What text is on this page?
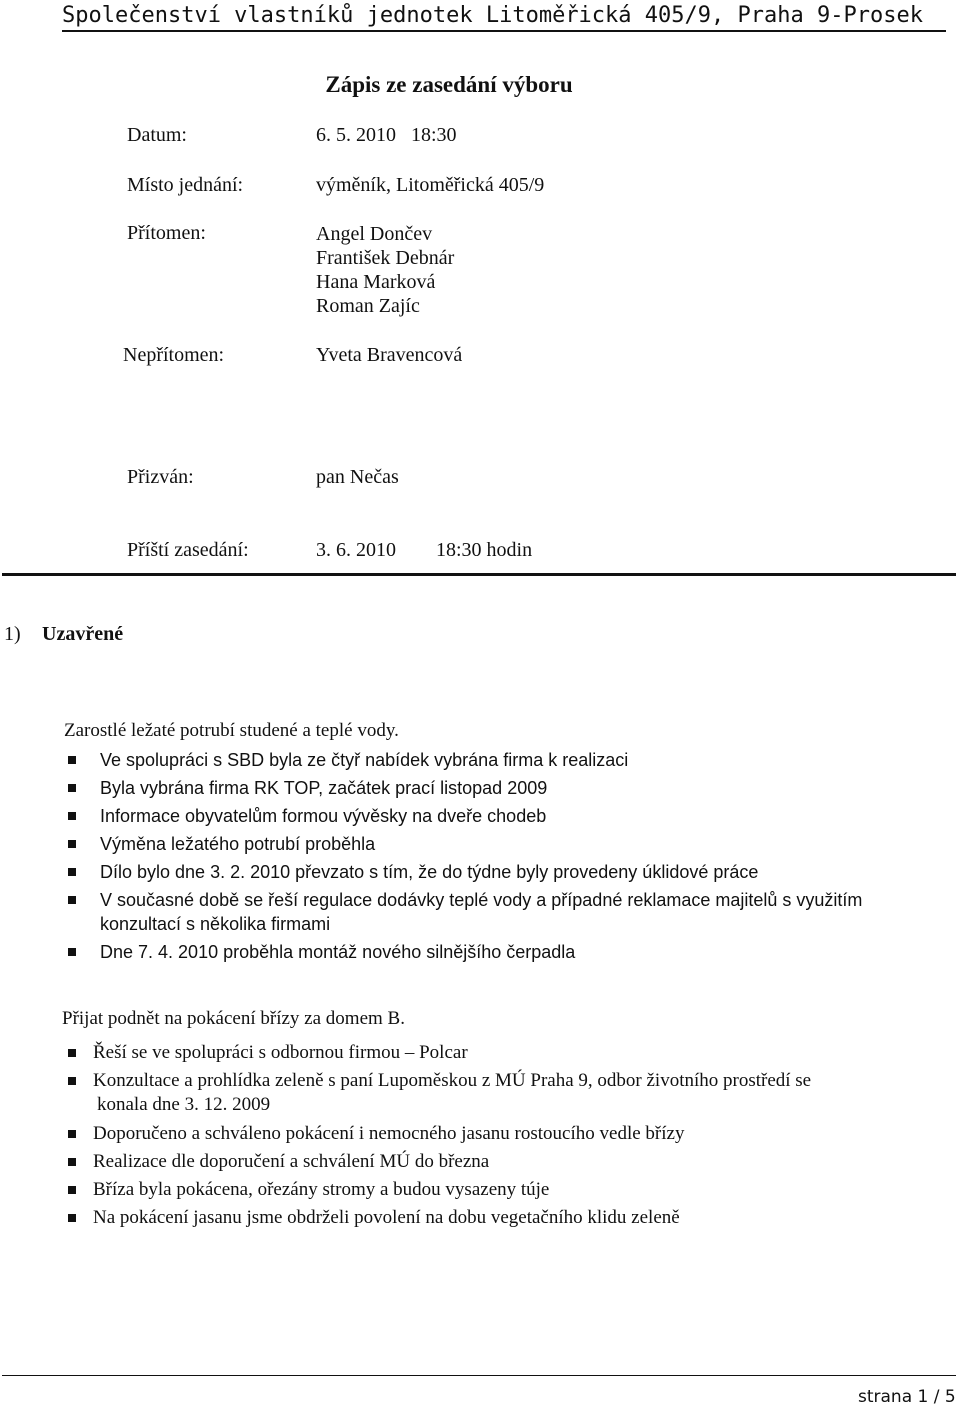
Společenství vlastníků jednotek Litoměřická 405/9, Praha 9-Prosek
Zápis ze zasedání výboru
Datum:	6. 5. 2010   18:30
Místo jednání:	výměník, Litoměřická 405/9
Přítomen:	Angel Dončev
František Debnár
Hana Marková
Roman Zajíc
Nepřítomen:	Yveta Bravencová
Přizván:	pan Nečas
Příští zasedání:	3. 6. 2010        18:30 hodin
1) Uzavřené
Zarostlé ležaté potrubí studené a teplé vody.
Ve spolupráci s SBD byla ze čtyř nabídek vybrána firma k realizaci
Byla vybrána firma RK TOP, začátek prací listopad 2009
Informace obyvatelům formou vývěsky na dveře chodeb
Výměna ležatého potrubí proběhla
Dílo bylo dne 3. 2. 2010 převzato s tím, že do týdne byly provedeny úklidové práce
V současné době se řeší regulace dodávky teplé vody a případné reklamace majitelů s využitím
konzultací s několika firmami
Dne 7. 4. 2010 proběhla montáž nového silnějšího čerpadla
Přijat podnět na pokácení břízy za domem B.
Řeší se ve spolupráci s odbornou firmou – Polcar
Konzultace a prohlídka zeleně s paní Lupoměskou z MÚ Praha 9, odbor životního prostředí se
konala dne 3. 12. 2009
Doporučeno a schváleno pokácení i nemocného jasanu rostoucího vedle břízy
Realizace dle doporučení a schválení MÚ do března
Bříza byla pokácena, ořezány stromy a budou vysazeny túje
Na pokácení jasanu jsme obdrželi povolení na dobu vegetačního klidu zeleně
strana 1 / 5
